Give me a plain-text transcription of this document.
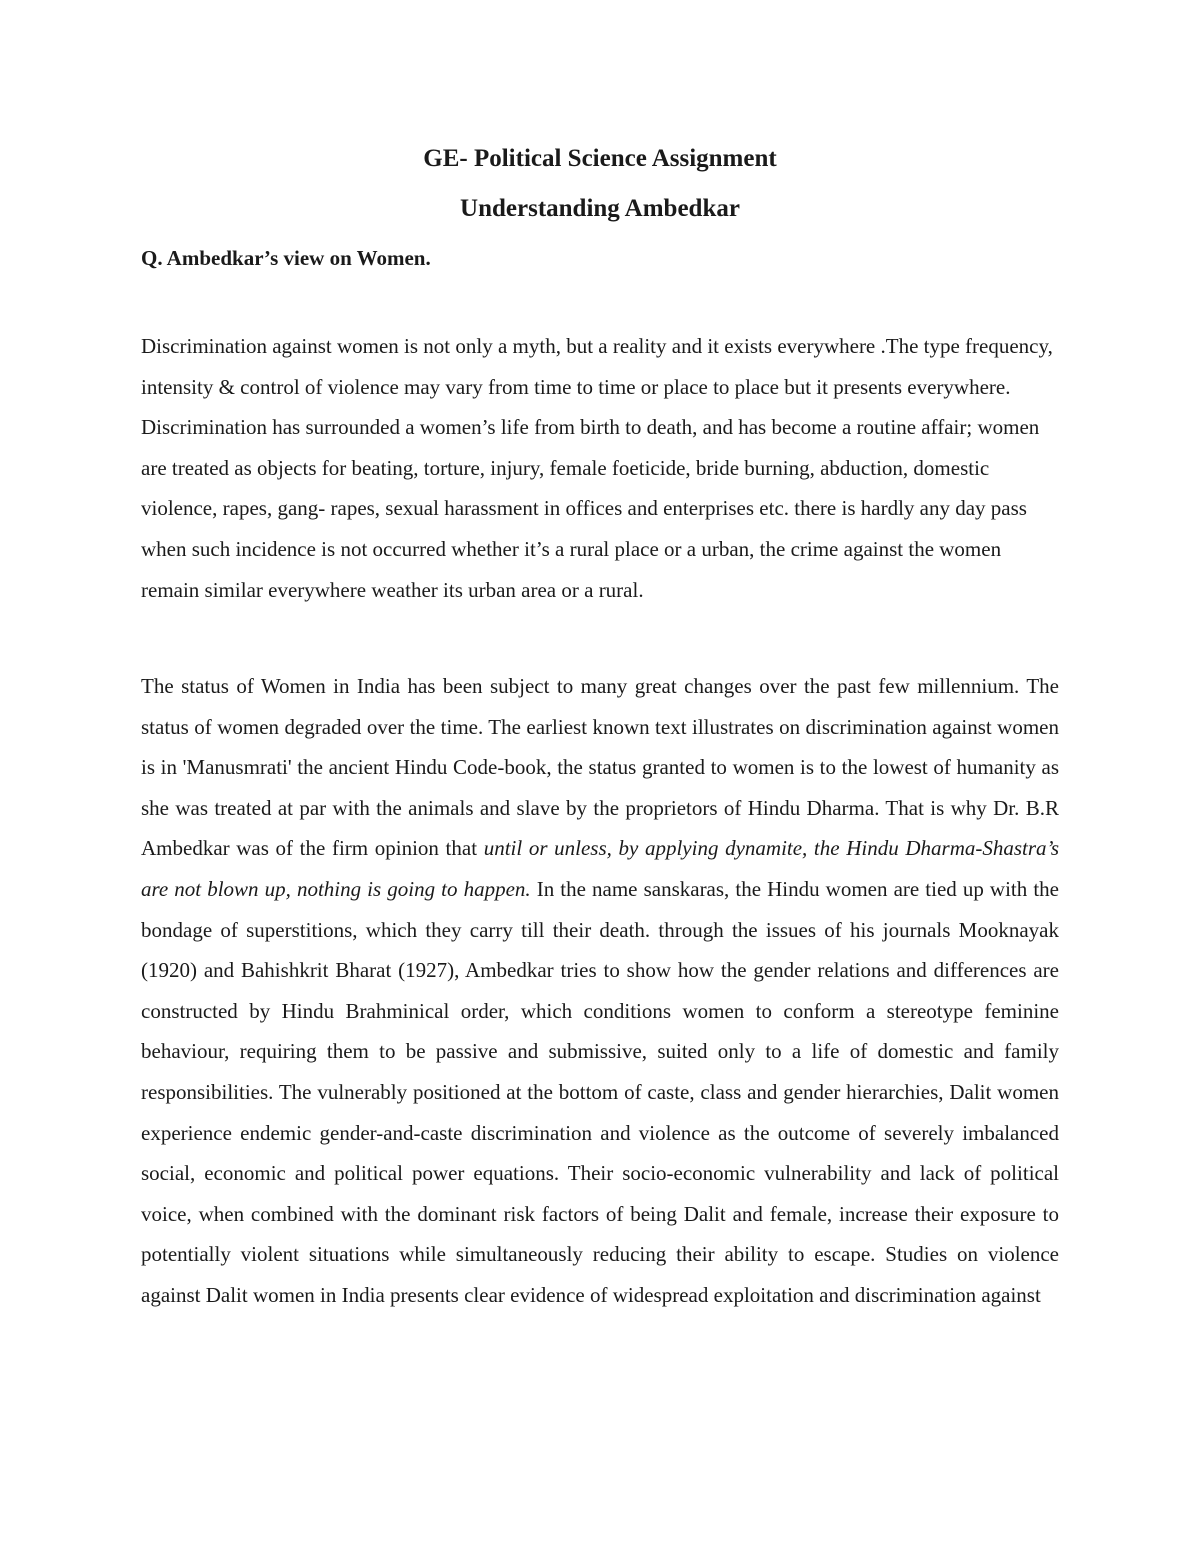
GE- Political Science Assignment
Understanding Ambedkar

Q. Ambedkar’s view on Women.

Discrimination against women is not only a myth, but a reality and it exists everywhere .The type frequency, intensity & control of violence may vary from time to time or place to place but it presents everywhere. Discrimination has surrounded a women’s life from birth to death, and has become a routine affair; women are treated as objects for beating, torture, injury, female foeticide, bride burning, abduction, domestic violence, rapes, gang- rapes, sexual harassment in offices and enterprises etc. there is hardly any day pass when such incidence is not occurred whether it’s a rural place or a urban, the crime against the women remain similar everywhere weather its urban area or a rural.

The status of Women in India has been subject to many great changes over the past few millennium. The status of women degraded over the time. The earliest known text illustrates on discrimination against women is in 'Manusmrati' the ancient Hindu Code-book, the status granted to women is to the lowest of humanity as she was treated at par with the animals and slave by the proprietors of Hindu Dharma. That is why Dr. B.R Ambedkar was of the firm opinion that until or unless, by applying dynamite, the Hindu Dharma-Shastra’s are not blown up, nothing is going to happen. In the name sanskaras, the Hindu women are tied up with the bondage of superstitions, which they carry till their death. through the issues of his journals Mooknayak (1920) and Bahishkrit Bharat (1927), Ambedkar tries to show how the gender relations and differences are constructed by Hindu Brahminical order, which conditions women to conform a stereotype feminine behaviour, requiring them to be passive and submissive, suited only to a life of domestic and family responsibilities. The vulnerably positioned at the bottom of caste, class and gender hierarchies, Dalit women experience endemic gender-and-caste discrimination and violence as the outcome of severely imbalanced social, economic and political power equations. Their socio-economic vulnerability and lack of political voice, when combined with the dominant risk factors of being Dalit and female, increase their exposure to potentially violent situations while simultaneously reducing their ability to escape. Studies on violence against Dalit women in India presents clear evidence of widespread exploitation and discrimination against
